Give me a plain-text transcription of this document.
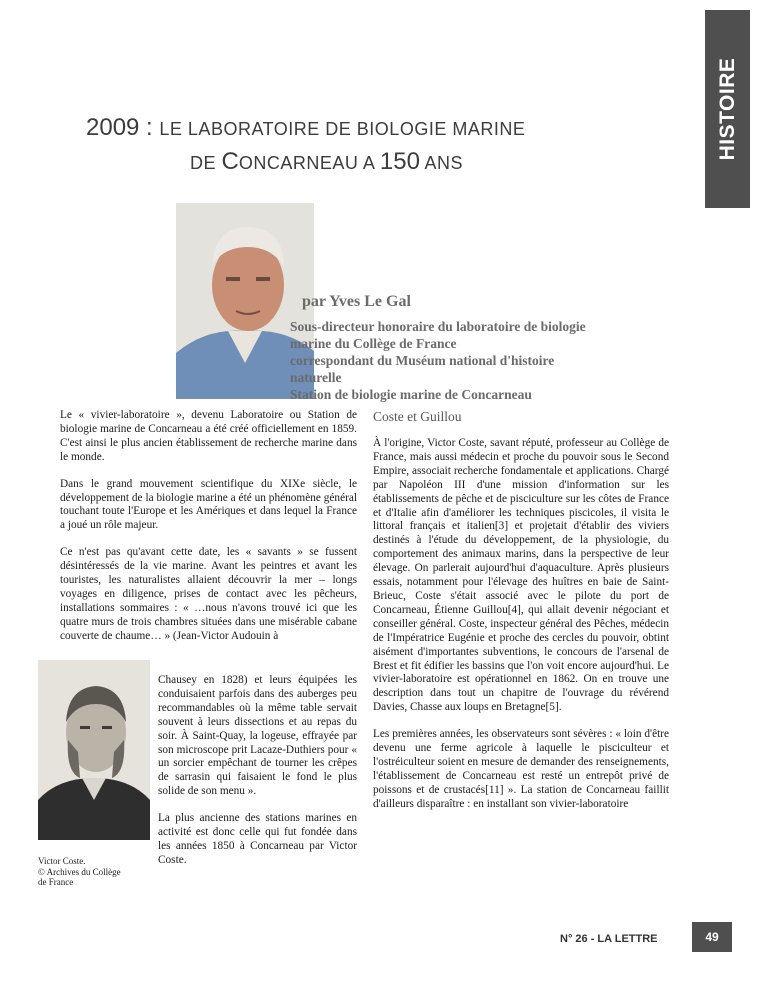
HISTOIRE
2009 : LE LABORATOIRE DE BIOLOGIE MARINE
DE CONCARNEAU A 150 ANS
par Yves Le Gal
Sous-directeur honoraire du laboratoire de biologie
marine du Collège de France
correspondant du Muséum national d'histoire
naturelle
Station de biologie marine de Concarneau

Le « vivier-laboratoire », devenu Laboratoire ou Station de biologie marine de Concarneau a été créé officiellement en 1859. C'est ainsi le plus ancien établissement de recherche marine dans le monde.

Dans le grand mouvement scientifique du XIXe siècle, le développement de la biologie marine a été un phénomène général touchant toute l'Europe et les Amériques et dans lequel la France a joué un rôle majeur.

Ce n'est pas qu'avant cette date, les « savants » se fussent désintéressés de la vie marine. Avant les peintres et avant les touristes, les naturalistes allaient découvrir la mer – longs voyages en diligence, prises de contact avec les pêcheurs, installations sommaires : « …nous n'avons trouvé ici que les quatre murs de trois chambres situées dans une misérable cabane couverte de chaume… » (Jean-Victor Audouin à

Victor Coste.
© Archives du Collège
de France

Chausey en 1828) et leurs équipées les conduisaient parfois dans des auberges peu recommandables où la même table servait souvent à leurs dissections et au repas du soir. À Saint-Quay, la logeuse, effrayée par son microscope prit Lacaze-Duthiers pour « un sorcier empêchant de tourner les crêpes de sarrasin qui faisaient le fond le plus solide de son menu ».

La plus ancienne des stations marines en activité est donc celle qui fut fondée dans les années 1850 à Concarneau par Victor Coste.

Coste et Guillou

À l'origine, Victor Coste, savant réputé, professeur au Collège de France, mais aussi médecin et proche du pouvoir sous le Second Empire, associait recherche fondamentale et applications. Chargé par Napoléon III d'une mission d'information sur les établissements de pêche et de pisciculture sur les côtes de France et d'Italie afin d'améliorer les techniques piscicoles, il visita le littoral français et italien[3] et projetait d'établir des viviers destinés à l'étude du développement, de la physiologie, du comportement des animaux marins, dans la perspective de leur élevage. On parlerait aujourd'hui d'aquaculture. Après plusieurs essais, notamment pour l'élevage des huîtres en baie de Saint-Brieuc, Coste s'était associé avec le pilote du port de Concarneau, Étienne Guillou[4], qui allait devenir négociant et conseiller général. Coste, inspecteur général des Pêches, médecin de l'Impératrice Eugénie et proche des cercles du pouvoir, obtint aisément d'importantes subventions, le concours de l'arsenal de Brest et fit édifier les bassins que l'on voit encore aujourd'hui. Le vivier-laboratoire est opérationnel en 1862. On en trouve une description dans tout un chapitre de l'ouvrage du révérend Davies, Chasse aux loups en Bretagne[5].

Les premières années, les observateurs sont sévères : « loin d'être devenu une ferme agricole à laquelle le pisciculteur et l'ostréiculteur soient en mesure de demander des renseignements, l'établissement de Concarneau est resté un entrepôt privé de poissons et de crustacés[11] ». La station de Concarneau faillit d'ailleurs disparaître : en installant son vivier-laboratoire

N° 26 - LA LETTRE	49
